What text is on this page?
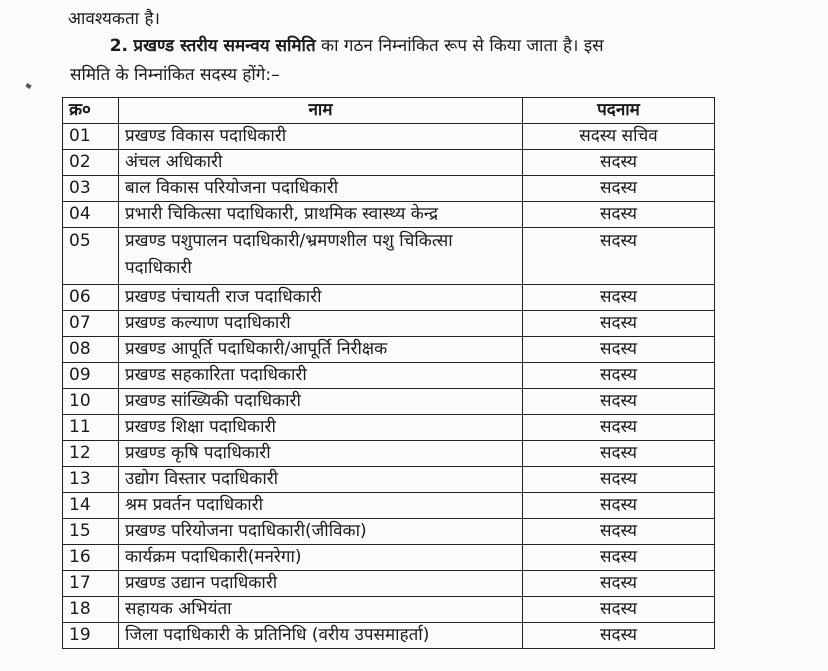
आवश्यकता है।
2. प्रखण्ड स्तरीय समन्वय समिति का गठन निम्नांकित रूप से किया जाता है। इस
समिति के निम्नांकित सदस्य होंगे:–
क्र०	नाम	पदनाम
01	प्रखण्ड विकास पदाधिकारी	सदस्य सचिव
02	अंचल अधिकारी	सदस्य
03	बाल विकास परियोजना पदाधिकारी	सदस्य
04	प्रभारी चिकित्सा पदाधिकारी, प्राथमिक स्वास्थ्य केन्द्र	सदस्य
05	प्रखण्ड पशुपालन पदाधिकारी/भ्रमणशील पशु चिकित्सा पदाधिकारी	सदस्य
06	प्रखण्ड पंचायती राज पदाधिकारी	सदस्य
07	प्रखण्ड कल्याण पदाधिकारी	सदस्य
08	प्रखण्ड आपूर्ति पदाधिकारी/आपूर्ति निरीक्षक	सदस्य
09	प्रखण्ड सहकारिता पदाधिकारी	सदस्य
10	प्रखण्ड सांख्यिकी पदाधिकारी	सदस्य
11	प्रखण्ड शिक्षा पदाधिकारी	सदस्य
12	प्रखण्ड कृषि पदाधिकारी	सदस्य
13	उद्योग विस्तार पदाधिकारी	सदस्य
14	श्रम प्रवर्तन पदाधिकारी	सदस्य
15	प्रखण्ड परियोजना पदाधिकारी(जीविका)	सदस्य
16	कार्यक्रम पदाधिकारी(मनरेगा)	सदस्य
17	प्रखण्ड उद्यान पदाधिकारी	सदस्य
18	सहायक अभियंता	सदस्य
19	जिला पदाधिकारी के प्रतिनिधि (वरीय उपसमाहर्ता)	सदस्य
